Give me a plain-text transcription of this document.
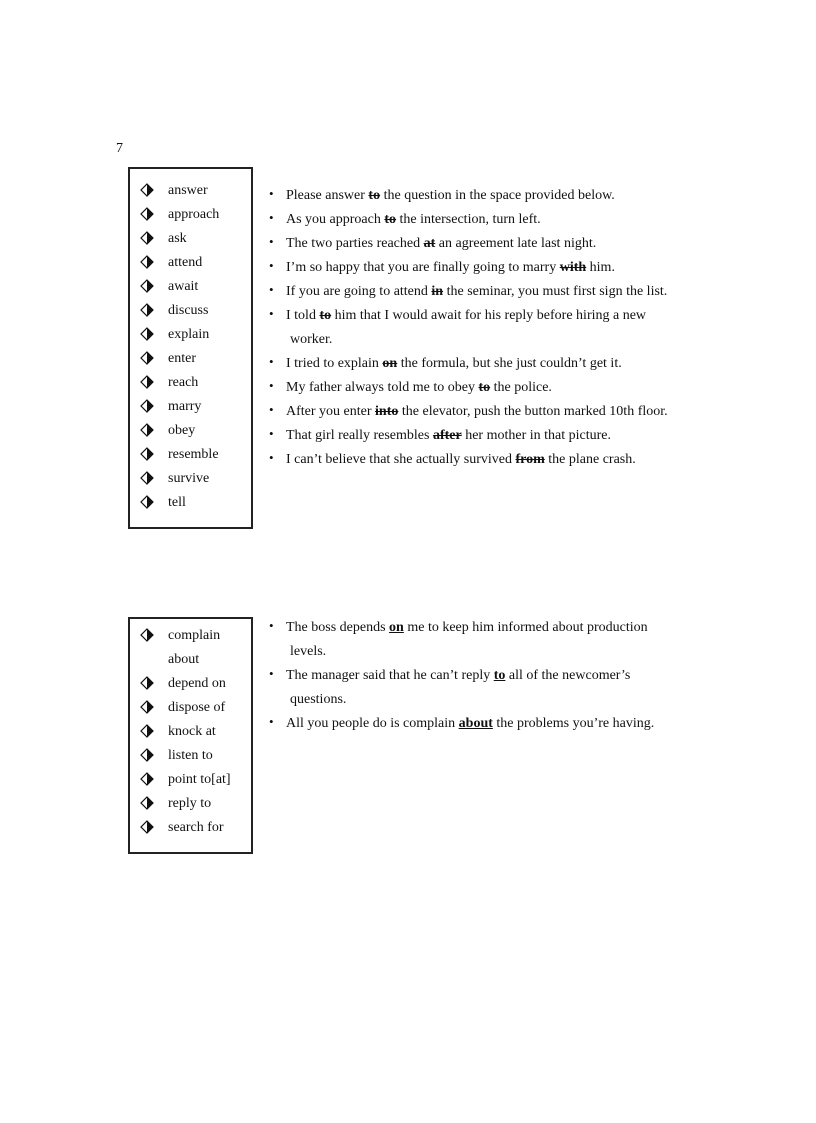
7
answer
approach
ask
attend
await
discuss
explain
enter
reach
marry
obey
resemble
survive
tell
• Please answer to the question in the space provided below.
• As you approach to the intersection, turn left.
• The two parties reached at an agreement late last night.
• I’m so happy that you are finally going to marry with him.
• If you are going to attend in the seminar, you must first sign the list.
• I told to him that I would await for his reply before hiring a new
worker.
• I tried to explain on the formula, but she just couldn’t get it.
• My father always told me to obey to the police.
• After you enter into the elevator, push the button marked 10th floor.
• That girl really resembles after her mother in that picture.
• I can’t believe that she actually survived from the plane crash.
complain
about
depend on
dispose of
knock at
listen to
point to[at]
reply to
search for
• The boss depends on me to keep him informed about production
levels.
• The manager said that he can’t reply to all of the newcomer’s
questions.
• All you people do is complain about the problems you’re having.
